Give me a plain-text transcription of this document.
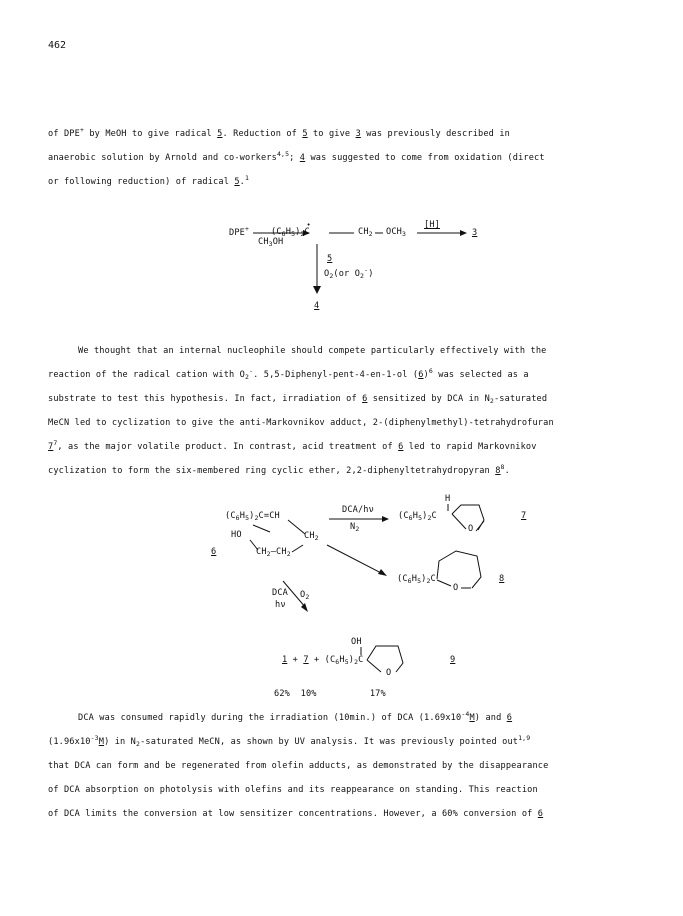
462
of DPE+ by MeOH to give radical 5. Reduction of 5 to give 3 was previously described in
anaerobic solution by Arnold and co-workers$^{4,5}$; 4 was suggested to come from oxidation (direct
or following reduction) of radical 5.$^1$
DPE+
$CH_3OH$
$(C_6H_5)_2C$
•
$CH_2$ $OCH_3$
[H]
3
5
$O_2(or$ $O_2^-$)
4
We thought that an internal nucleophile should compete particularly effectively with the
reaction of the radical cation with $O_2^-$. 5,5-Diphenyl-pent-4-en-1-ol $(6)^6$ was selected as a
substrate to test this hypothesis. In fact, irradiation of 6 sensitized by DCA in $N_2$-saturated
MeCN led to cyclization to give the anti-Markovnikov adduct, 2-(diphenylmethyl)-tetrahydrofuran
$7^7$, as the major volatile product. In contrast, acid treatment of 6 led to rapid Markovnikov
cyclization to form the six-membered ring cyclic ether, 2,2-diphenyltetrahydropyran $8^8$.
$(C_6H_5)_2C=CH$
HO	$CH_2$
$CH_2—CH_2$
6
DCA/hν
$N_2$
H
$(C_6H_5)_2C$
O
7
$(C_6H_5)_2C$
O
8
DCA
hν
$O_2$
OH
$1 + 7 + (C_6H_5)_2C$
O
9
62%  10%          17%
DCA was consumed rapidly during the irradiation (10min.) of DCA $(1.69x10^{-4}M)$ and 6
$(1.96x10^{-3}M)$ in $N_2$-saturated MeCN, as shown by UV analysis. It was previously pointed out$^{1,9}$
that DCA can form and be regenerated from olefin adducts, as demonstrated by the disappearance
of DCA absorption on photolysis with olefins and its reappearance on standing. This reaction
of DCA limits the conversion at low sensitizer concentrations. However, a 60% conversion of 6
